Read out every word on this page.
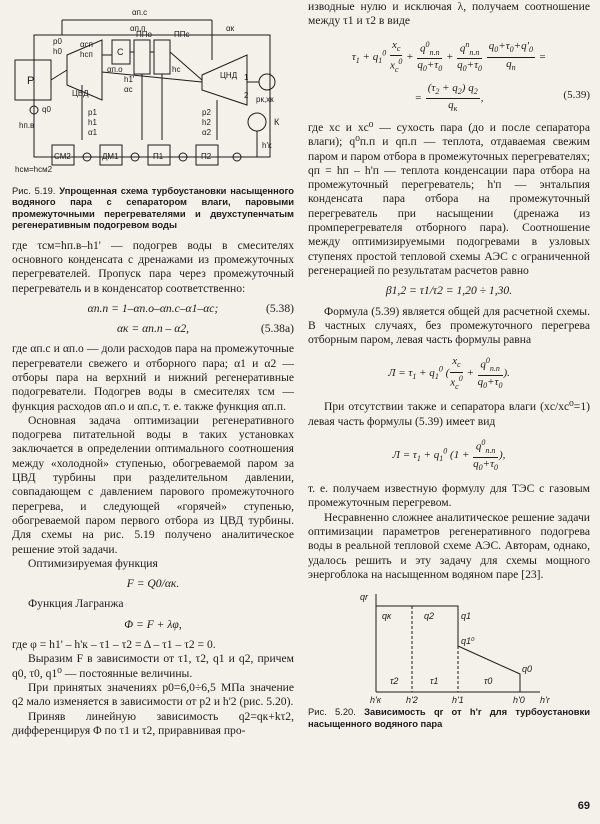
αп.с
αп.п	αк
p0
h0
αсп
hсп	С
ППо	ППс
αп.о
h1'
hc
αс
ЦВД
ЦНД
Р
hп.в
q0	p1
h1
α1
p2
h2
α2
pк,xк
К
h'к
hсм=hсм2
СМ2	ДМ1	П1	П2
1
2

Рис. 5.19. Упрощенная схема турбоустановки насыщенного водяного пара с сепаратором влаги, паровыми промежуточными перегревателями и двухступенчатым регенеративным подогревом воды

где τсм=hп.в–h1' — подогрев воды в смесителях основного конденсата с дренажами из промежуточных перегревателей. Пропуск пара через промежуточный перегреватель и в конденсатор соответственно:

αп.п = 1–αп.о–αп.с–α1–αс;	(5.38)
αк = αп.п – α2,	(5.38а)

где αп.с и αп.о — доли расходов пара на промежуточные перегреватели свежего и отборного пара; α1 и α2 — отборы пара на верхний и нижний регенеративные подогреватели. Подогрев воды в смесителях τсм — функция расходов αп.о и αп.с, т. е. также функция αп.п.

Основная задача оптимизации регенеративного подогрева питательной воды в таких установках заключается в определении оптимального соотношения между «холодной» ступенью, обогреваемой паром за ЦВД турбины при разделительном давлении, совпадающем с давлением парового промежуточного перегрева, и следующей «горячей» ступенью, обогреваемой паром первого отбора из ЦВД турбины. Для схемы на рис. 5.19 получено аналитическое решение этой задачи.

Оптимизируемая функция

F = Q0/αк.

Функция Лагранжа

Φ = F + λφ,

где φ = h1' – h'к – τ1 – τ2 = Δ – τ1 – τ2 = 0.

Выразим F в зависимости от τ1, τ2, q1 и q2, причем q0, τ0, q1⁰ — постоянные величины.

При принятых значениях p0=6,0÷6,5 МПа значение q2 мало изменяется в зависимости от p2 и h'2 (рис. 5.20).

Приняв линейную зависимость q2=qк+kτ2, дифференцируя Φ по τ1 и τ2, приравнивая про-

изводные нулю и исключая λ, получаем соотношение между τ1 и τ2 в виде

$\tau_1 + q_1^0 \frac{x_c}{x_c^0} + \frac{q^0_{п.п}}{q_0+\tau_0} + \frac{q^п_{п.п}}{q_0+\tau_0}$
$\frac{q_0+\tau_0+q'_0}{q_п}$ =
= $\frac{(\tau_2 + q_2) q_2}{q_к}$ ,	(5.39)

где xс и xс⁰ — сухость пара (до и после сепаратора влаги); q⁰п.п и qп.п — теплота, отдаваемая свежим паром и паром отбора в промежуточных перегревателях; qп = hп – h'п — теплота конденсации пара отбора на промежуточный перегреватель; h'п — энтальпия конденсата пара отбора на промежуточный перегреватель при насыщении (дренажа из промперегревателя отборного пара). Соотношение между оптимизируемыми подогревами в узловых ступенях простой тепловой схемы АЭС с ограниченной регенерацией по результатам расчетов равно

β1,2 = τ1/τ2 = 1,20 ÷ 1,30.

Формула (5.39) является общей для расчетной схемы. В частных случаях, без промежуточного перегрева отборным паром, левая часть формулы равна

$Л = \tau_1 + q_1^0$ ( $\frac{x_c}{x_c^0} + \frac{q^0_{п.п}}{q_0+\tau_0}$ ).

При отсутствии также и сепаратора влаги (xс/xс⁰=1) левая часть формулы (5.39) имеет вид

$Л = \tau_1 + q_1^0$ ($1 + \frac{q^0_{п.п}}{q_0+\tau_0}$ ),

т. е. получаем известную формулу для ТЭС с газовым промежуточным перегревом.

Несравненно сложнее аналитическое решение задачи оптимизации параметров регенеративного подогрева воды в реальной тепловой схеме АЭС. Авторам, однако, удалось решить и эту задачу для схемы мощного энергоблока на насыщенном водяном паре [23].

qr
qк	q2	q1
q1⁰
q0
τ2	τ1	τ0
h'к	h'2	h'1	h'0 h'r

Рис. 5.20. Зависимость qr от h'r для турбоустановки насыщенного водяного пара

69
